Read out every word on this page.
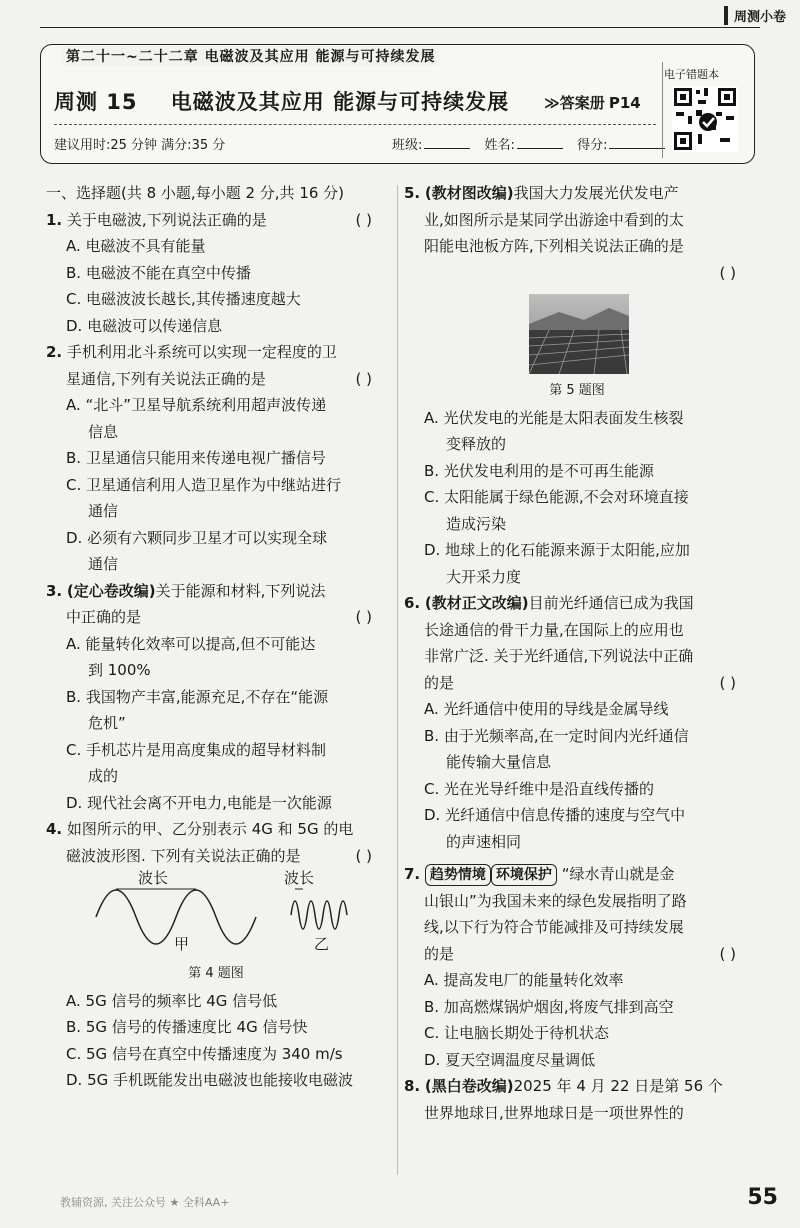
周测小卷
第二十一~二十二章 电磁波及其应用 能源与可持续发展
周测 15 电磁波及其应用 能源与可持续发展 ≫答案册 P14
建议用时:25 分钟 满分:35 分	班级:	姓名:	得分:
电子错题本

一、选择题(共 8 小题,每小题 2 分,共 16 分)

1. 关于电磁波,下列说法正确的是	( )

A. 电磁波不具有能量

B. 电磁波不能在真空中传播

C. 电磁波波长越长,其传播速度越大

D. 电磁波可以传递信息

2. 手机利用北斗系统可以实现一定程度的卫

星通信,下列有关说法正确的是	( )

A. “北斗”卫星导航系统利用超声波传递

信息

B. 卫星通信只能用来传递电视广播信号

C. 卫星通信利用人造卫星作为中继站进行

通信

D. 必须有六颗同步卫星才可以实现全球

通信

3. (定心卷改编)关于能源和材料,下列说法

中正确的是	( )

A. 能量转化效率可以提高,但不可能达

到 100%

B. 我国物产丰富,能源充足,不存在“能源

危机”

C. 手机芯片是用高度集成的超导材料制

成的

D. 现代社会离不开电力,电能是一次能源

4. 如图所示的甲、乙分别表示 4G 和 5G 的电

磁波波形图. 下列有关说法正确的是	( )

波长	波长
甲	乙

第 4 题图

A. 5G 信号的频率比 4G 信号低

B. 5G 信号的传播速度比 4G 信号快

C. 5G 信号在真空中传播速度为 340 m/s

D. 5G 手机既能发出电磁波也能接收电磁波

5. (教材图改编)我国大力发展光伏发电产

业,如图所示是某同学出游途中看到的太

阳能电池板方阵,下列相关说法正确的是

( )

第 5 题图

A. 光伏发电的光能是太阳表面发生核裂

变释放的

B. 光伏发电利用的是不可再生能源

C. 太阳能属于绿色能源,不会对环境直接

造成污染

D. 地球上的化石能源来源于太阳能,应加

大开采力度

6. (教材正文改编)目前光纤通信已成为我国

长途通信的骨干力量,在国际上的应用也

非常广泛. 关于光纤通信,下列说法中正确

的是	( )

A. 光纤通信中使用的导线是金属导线

B. 由于光频率高,在一定时间内光纤通信

能传输大量信息

C. 光在光导纤维中是沿直线传播的

D. 光纤通信中信息传播的速度与空气中

的声速相同

7. 趋势情境 环境保护 “绿水青山就是金

山银山”为我国未来的绿色发展指明了路

线,以下行为符合节能减排及可持续发展

的是	( )

A. 提高发电厂的能量转化效率

B. 加高燃煤锅炉烟囱,将废气排到高空

C. 让电脑长期处于待机状态

D. 夏天空调温度尽量调低

8. (黑白卷改编)2025 年 4 月 22 日是第 56 个

世界地球日,世界地球日是一项世界性的

教辅资源, 关注公众号 ★ 全科AA+	55
